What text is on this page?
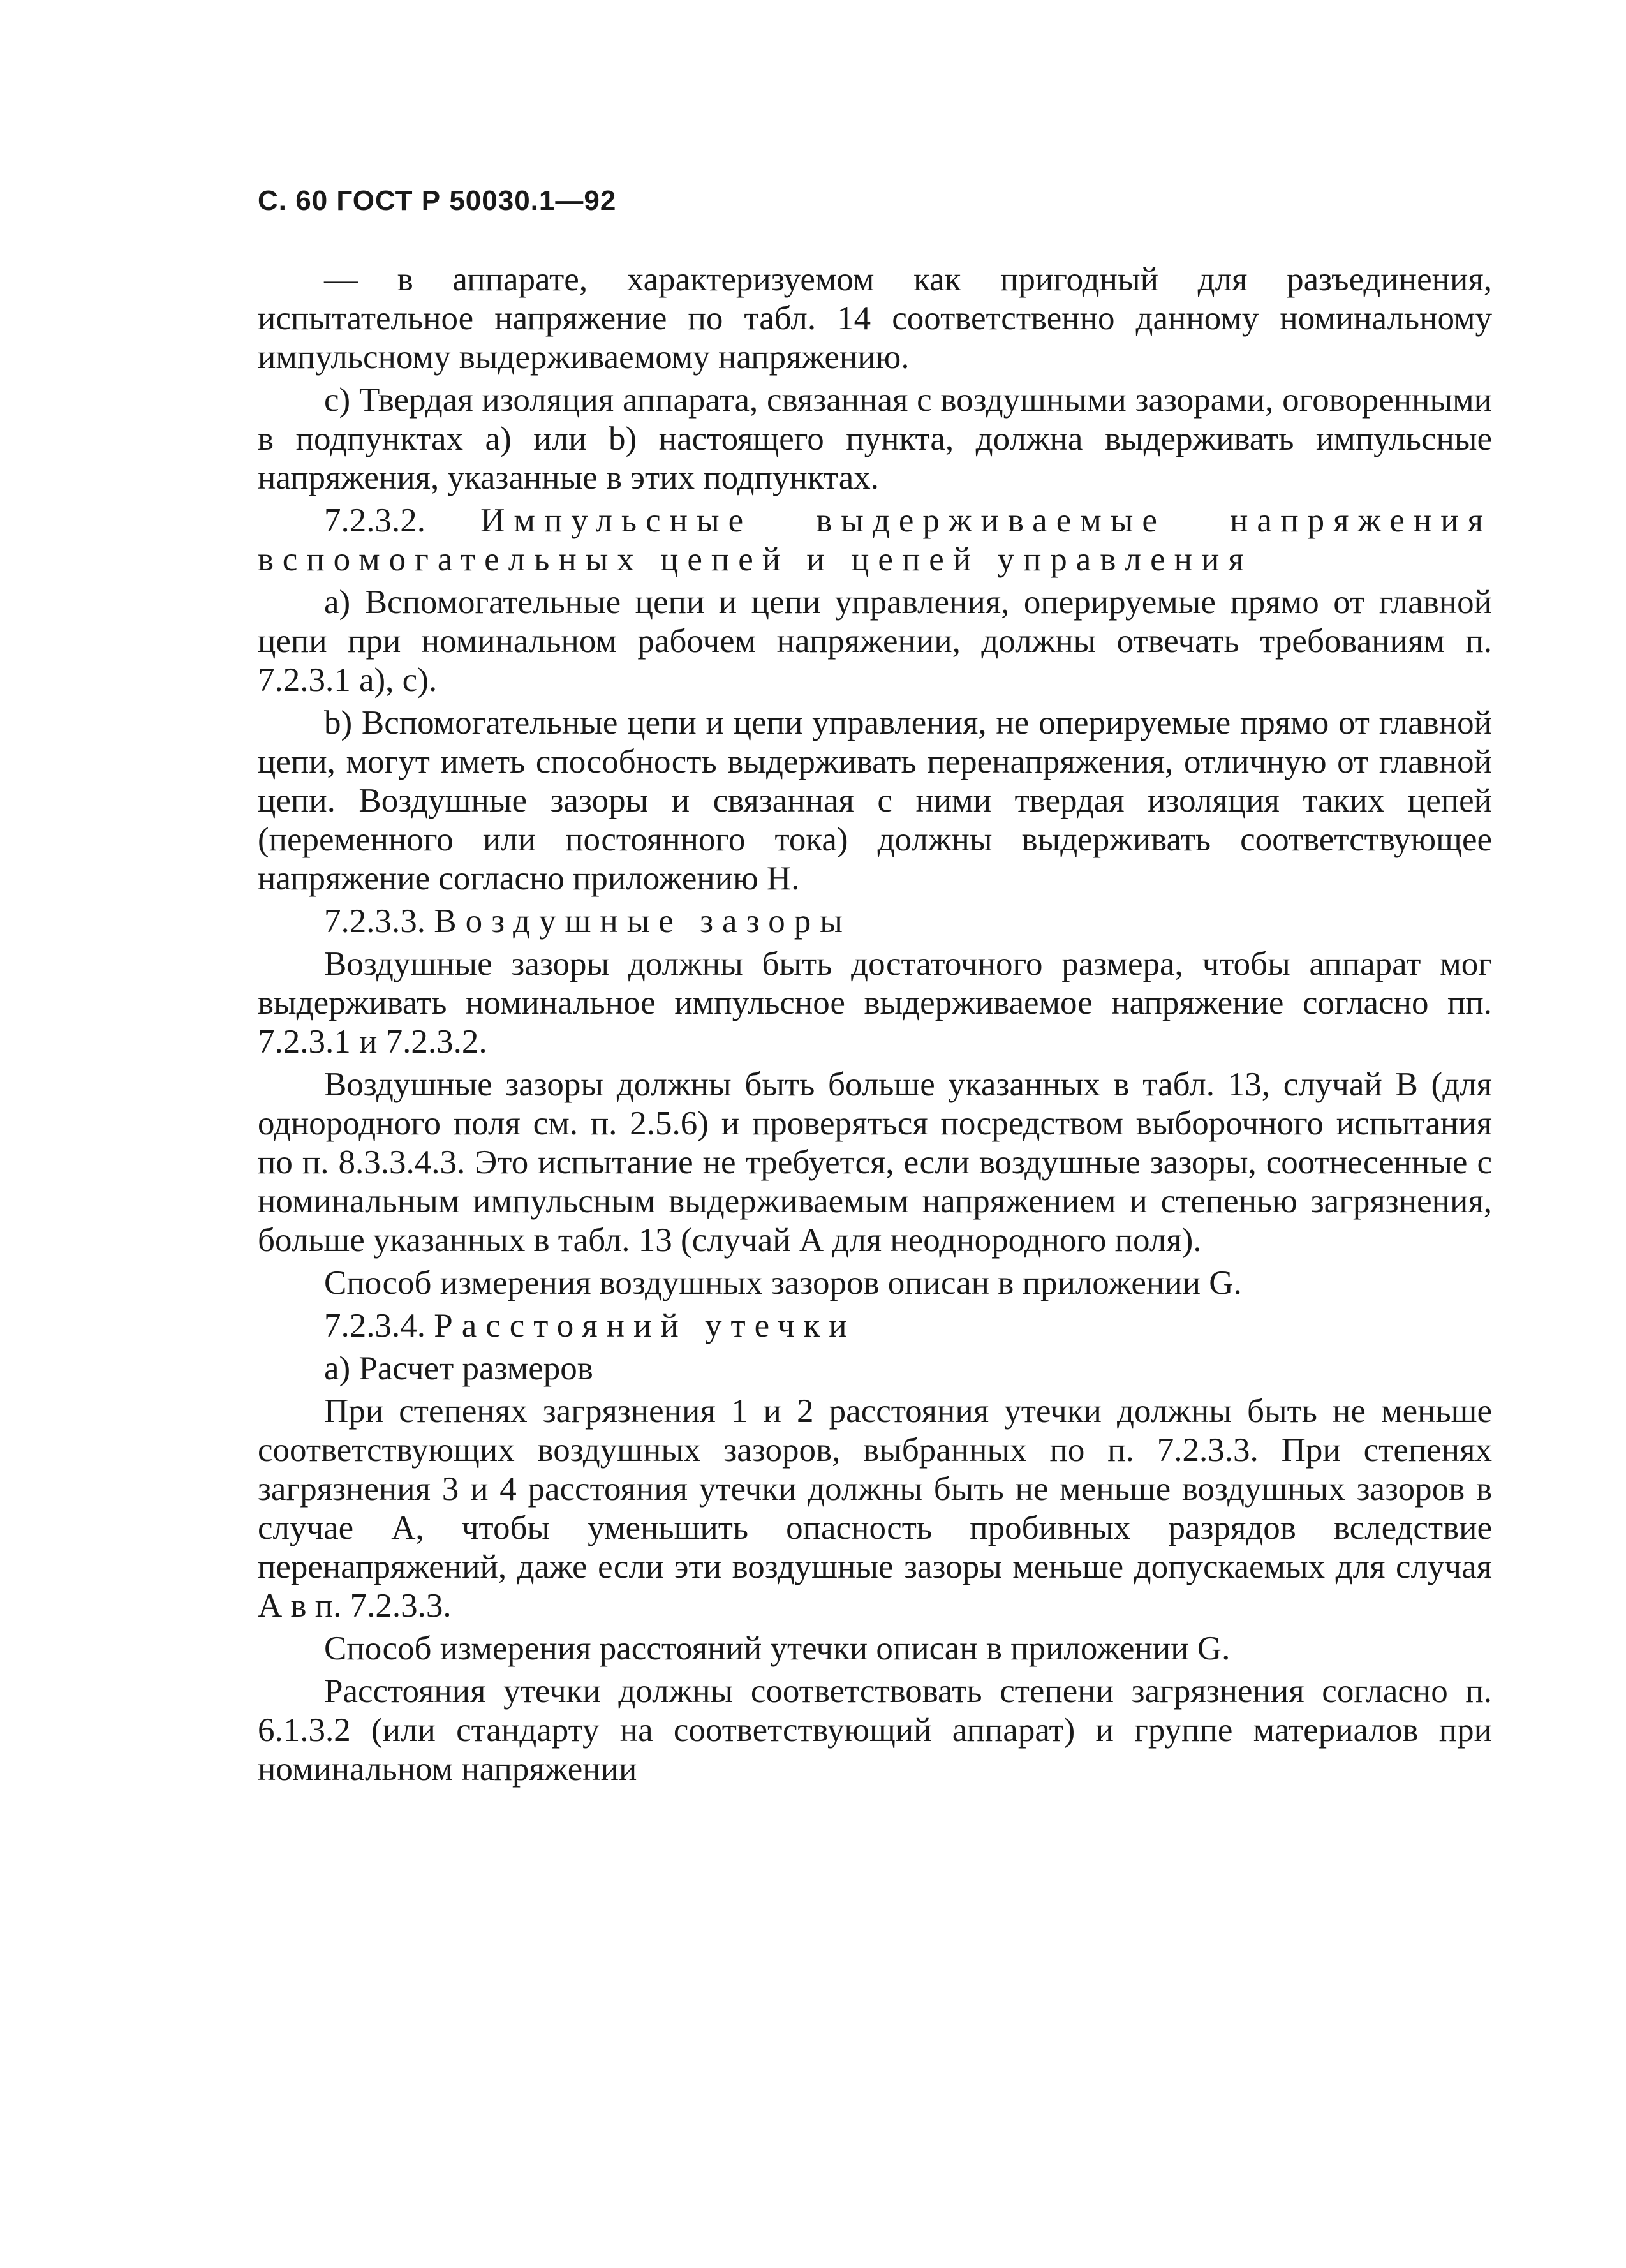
С. 60 ГОСТ Р 50030.1—92

— в аппарате, характеризуемом как пригодный для разъединения, испытательное напряжение по табл. 14 соответственно данному номинальному импульсному выдерживаемому напряжению.

с) Твердая изоляция аппарата, связанная с воздушными зазорами, оговоренными в подпунктах а) или b) настоящего пункта, должна выдерживать импульсные напряжения, указанные в этих подпунктах.

7.2.3.2. Импульсные выдерживаемые напряжения вспомогательных цепей и цепей управления

а) Вспомогательные цепи и цепи управления, оперируемые прямо от главной цепи при номинальном рабочем напряжении, должны отвечать требованиям п. 7.2.3.1 а), с).

b) Вспомогательные цепи и цепи управления, не оперируемые прямо от главной цепи, могут иметь способность выдерживать перенапряжения, отличную от главной цепи. Воздушные зазоры и связанная с ними твердая изоляция таких цепей (переменного или постоянного тока) должны выдерживать соответствующее напряжение согласно приложению Н.

7.2.3.3. Воздушные зазоры

Воздушные зазоры должны быть достаточного размера, чтобы аппарат мог выдерживать номинальное импульсное выдерживаемое напряжение согласно пп. 7.2.3.1 и 7.2.3.2.

Воздушные зазоры должны быть больше указанных в табл. 13, случай В (для однородного поля см. п. 2.5.6) и проверяться посредством выборочного испытания по п. 8.3.3.4.3. Это испытание не требуется, если воздушные зазоры, соотнесенные с номинальным импульсным выдерживаемым напряжением и степенью загрязнения, больше указанных в табл. 13 (случай А для неоднородного поля).

Способ измерения воздушных зазоров описан в приложении G.

7.2.3.4. Расстояний утечки

а) Расчет размеров

При степенях загрязнения 1 и 2 расстояния утечки должны быть не меньше соответствующих воздушных зазоров, выбранных по п. 7.2.3.3. При степенях загрязнения 3 и 4 расстояния утечки должны быть не меньше воздушных зазоров в случае А, чтобы уменьшить опасность пробивных разрядов вследствие перенапряжений, даже если эти воздушные зазоры меньше допускаемых для случая А в п. 7.2.3.3.

Способ измерения расстояний утечки описан в приложении G.

Расстояния утечки должны соответствовать степени загрязнения согласно п. 6.1.3.2 (или стандарту на соответствующий аппарат) и группе материалов при номинальном напряжении
